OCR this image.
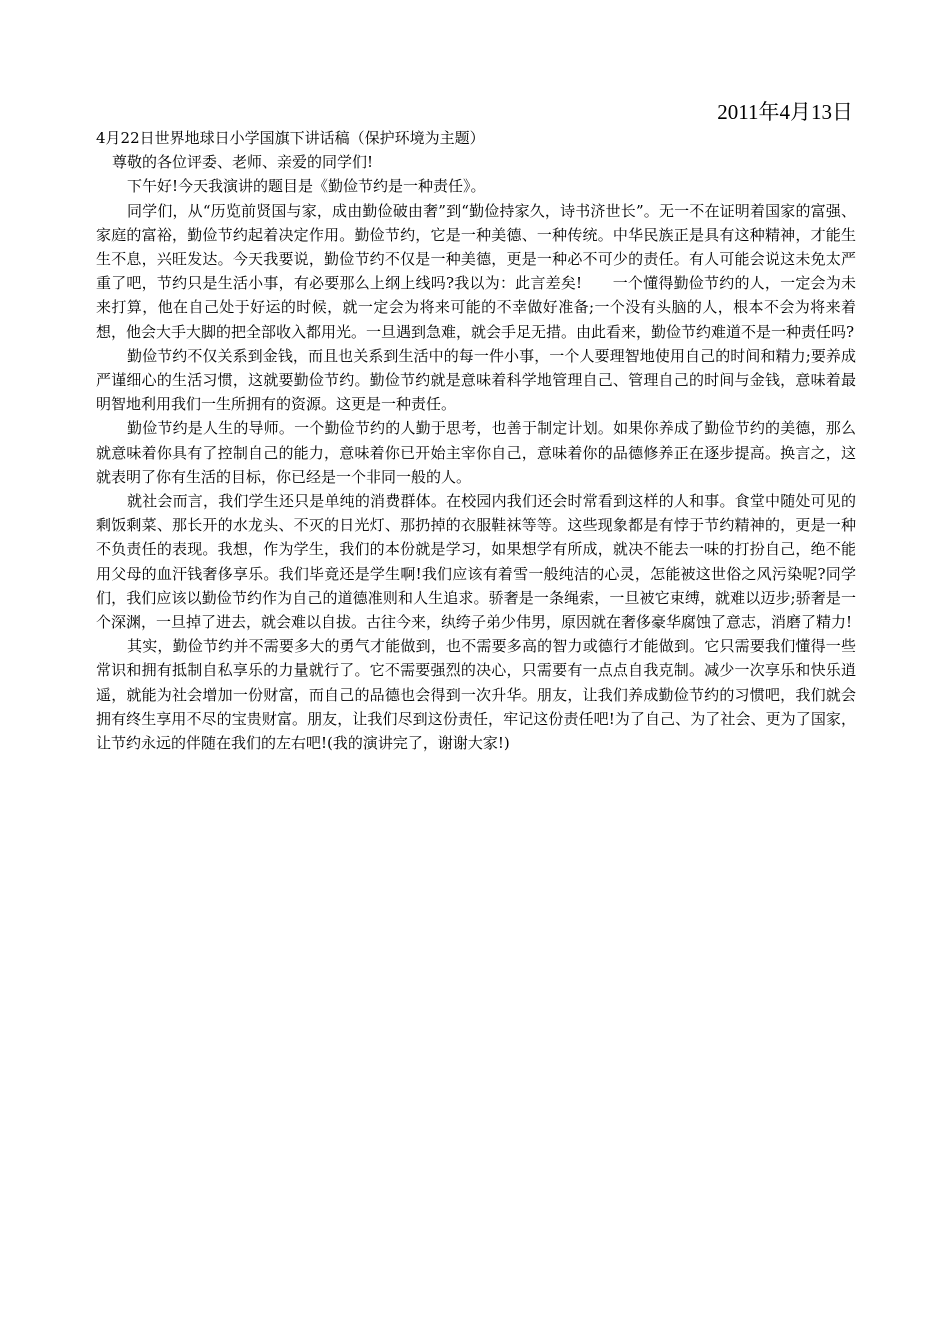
2011年4月13日
4月22日世界地球日小学国旗下讲话稿（保护环境为主题）

尊敬的各位评委、老师、亲爱的同学们!

下午好!今天我演讲的题目是《勤俭节约是一种责任》。

同学们，从“历览前贤国与家，成由勤俭破由奢”到“勤俭持家久，诗书济世长”。无一不在证明着国家的富强、家庭的富裕，勤俭节约起着决定作用。勤俭节约，它是一种美德、一种传统。中华民族正是具有这种精神，才能生生不息，兴旺发达。今天我要说，勤俭节约不仅是一种美德，更是一种必不可少的责任。有人可能会说这未免太严重了吧，节约只是生活小事，有必要那么上纲上线吗?我以为：此言差矣!　　一个懂得勤俭节约的人，一定会为未来打算，他在自己处于好运的时候，就一定会为将来可能的不幸做好准备;一个没有头脑的人，根本不会为将来着想，他会大手大脚的把全部收入都用光。一旦遇到急难，就会手足无措。由此看来，勤俭节约难道不是一种责任吗?

勤俭节约不仅关系到金钱，而且也关系到生活中的每一件小事，一个人要理智地使用自己的时间和精力;要养成严谨细心的生活习惯，这就要勤俭节约。勤俭节约就是意味着科学地管理自己、管理自己的时间与金钱，意味着最明智地利用我们一生所拥有的资源。这更是一种责任。

勤俭节约是人生的导师。一个勤俭节约的人勤于思考，也善于制定计划。如果你养成了勤俭节约的美德，那么就意味着你具有了控制自己的能力，意味着你已开始主宰你自己，意味着你的品德修养正在逐步提高。换言之，这就表明了你有生活的目标，你已经是一个非同一般的人。

就社会而言，我们学生还只是单纯的消费群体。在校园内我们还会时常看到这样的人和事。食堂中随处可见的剩饭剩菜、那长开的水龙头、不灭的日光灯、那扔掉的衣服鞋袜等等。这些现象都是有悖于节约精神的，更是一种不负责任的表现。我想，作为学生，我们的本份就是学习，如果想学有所成，就决不能去一味的打扮自己，绝不能用父母的血汗钱奢侈享乐。我们毕竟还是学生啊!我们应该有着雪一般纯洁的心灵，怎能被这世俗之风污染呢?同学们，我们应该以勤俭节约作为自己的道德准则和人生追求。骄奢是一条绳索，一旦被它束缚，就难以迈步;骄奢是一个深渊，一旦掉了进去，就会难以自拔。古往今来，纨绔子弟少伟男，原因就在奢侈豪华腐蚀了意志，消磨了精力!

其实，勤俭节约并不需要多大的勇气才能做到，也不需要多高的智力或德行才能做到。它只需要我们懂得一些常识和拥有抵制自私享乐的力量就行了。它不需要强烈的决心，只需要有一点点自我克制。减少一次享乐和快乐逍遥，就能为社会增加一份财富，而自己的品德也会得到一次升华。朋友，让我们养成勤俭节约的习惯吧，我们就会拥有终生享用不尽的宝贵财富。朋友，让我们尽到这份责任，牢记这份责任吧!为了自己、为了社会、更为了国家，让节约永远的伴随在我们的左右吧!(我的演讲完了，谢谢大家!)
